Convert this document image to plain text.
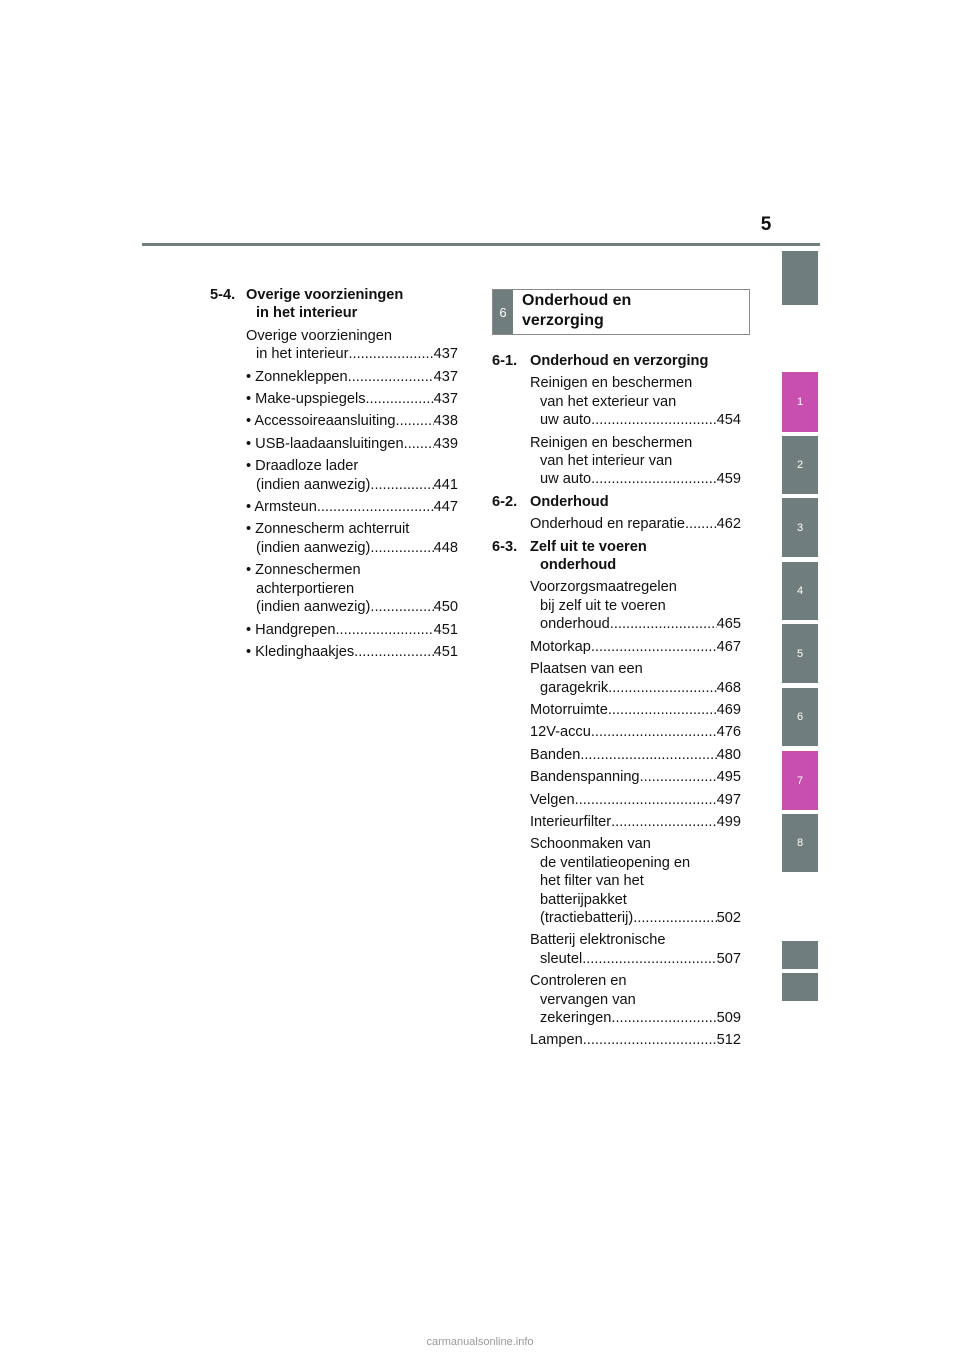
5
1
2
3
4
5
6
7
8
5-4. Overige voorzieningen
in het interieur
Overige voorzieningen
in het interieur .....	437
• Zonnekleppen .....	437
• Make-upspiegels .....	437
• Accessoireaansluiting .....	438
• USB-laadaansluitingen ..... 439
• Draadloze lader
(indien aanwezig) .....	441
• Armsteun .....	447
• Zonnescherm achterruit
(indien aanwezig) .....	448
• Zonneschermen
achterportieren
(indien aanwezig) .....	450
• Handgrepen .....	451
• Kledinghaakjes .....	451
6
Onderhoud en
verzorging
6-1. Onderhoud en verzorging
Reinigen en beschermen
van het exterieur van
uw auto .....	454
Reinigen en beschermen
van het interieur van
uw auto .....	459
6-2. Onderhoud
Onderhoud en reparatie ..... 462
6-3. Zelf uit te voeren
onderhoud
Voorzorgsmaatregelen
bij zelf uit te voeren
onderhoud .....	465
Motorkap .....	467
Plaatsen van een
garagekrik .....	468
Motorruimte .....	469
12V-accu .....	476
Banden .....	480
Bandenspanning .....	495
Velgen .....	497
Interieurfilter .....	499
Schoonmaken van
de ventilatieopening en
het filter van het
batterijpakket
(tractiebatterij) .....	502
Batterij elektronische
sleutel .....	507
Controleren en
vervangen van
zekeringen .....	509
Lampen .....	512
carmanualsonline.info
